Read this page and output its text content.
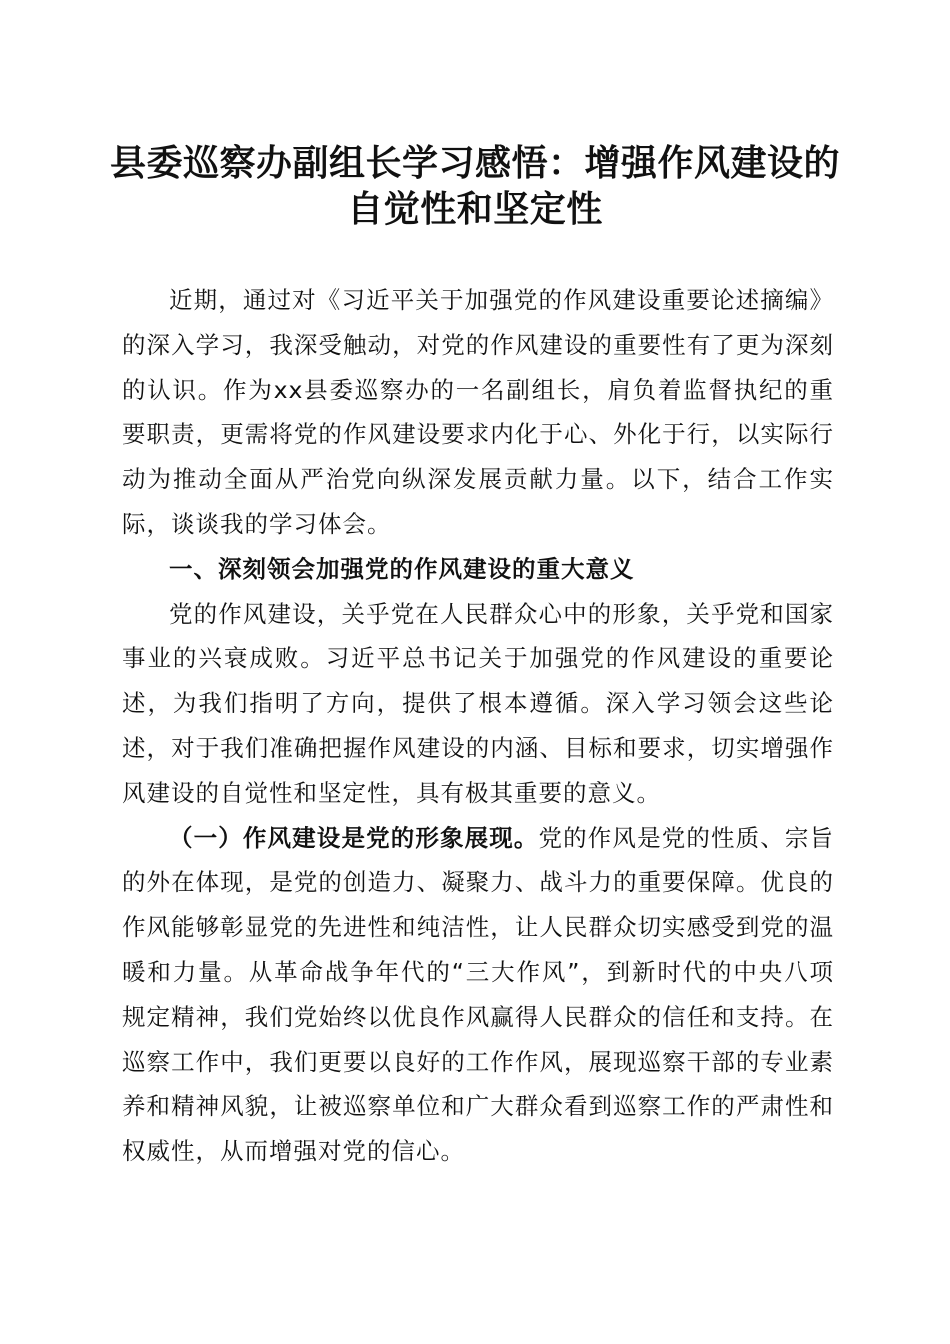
县委巡察办副组长学习感悟：增强作风建设的
自觉性和坚定性

近期，通过对《习近平关于加强党的作风建设重要论述摘编》的深入学习，我深受触动，对党的作风建设的重要性有了更为深刻的认识。作为xx县委巡察办的一名副组长，肩负着监督执纪的重要职责，更需将党的作风建设要求内化于心、外化于行，以实际行动为推动全面从严治党向纵深发展贡献力量。以下，结合工作实际，谈谈我的学习体会。

一、深刻领会加强党的作风建设的重大意义

党的作风建设，关乎党在人民群众心中的形象，关乎党和国家事业的兴衰成败。习近平总书记关于加强党的作风建设的重要论述，为我们指明了方向，提供了根本遵循。深入学习领会这些论述，对于我们准确把握作风建设的内涵、目标和要求，切实增强作风建设的自觉性和坚定性，具有极其重要的意义。

（一）作风建设是党的形象展现。党的作风是党的性质、宗旨的外在体现，是党的创造力、凝聚力、战斗力的重要保障。优良的作风能够彰显党的先进性和纯洁性，让人民群众切实感受到党的温暖和力量。从革命战争年代的“三大作风”，到新时代的中央八项规定精神，我们党始终以优良作风赢得人民群众的信任和支持。在巡察工作中，我们更要以良好的工作作风，展现巡察干部的专业素养和精神风貌，让被巡察单位和广大群众看到巡察工作的严肃性和权威性，从而增强对党的信心。
